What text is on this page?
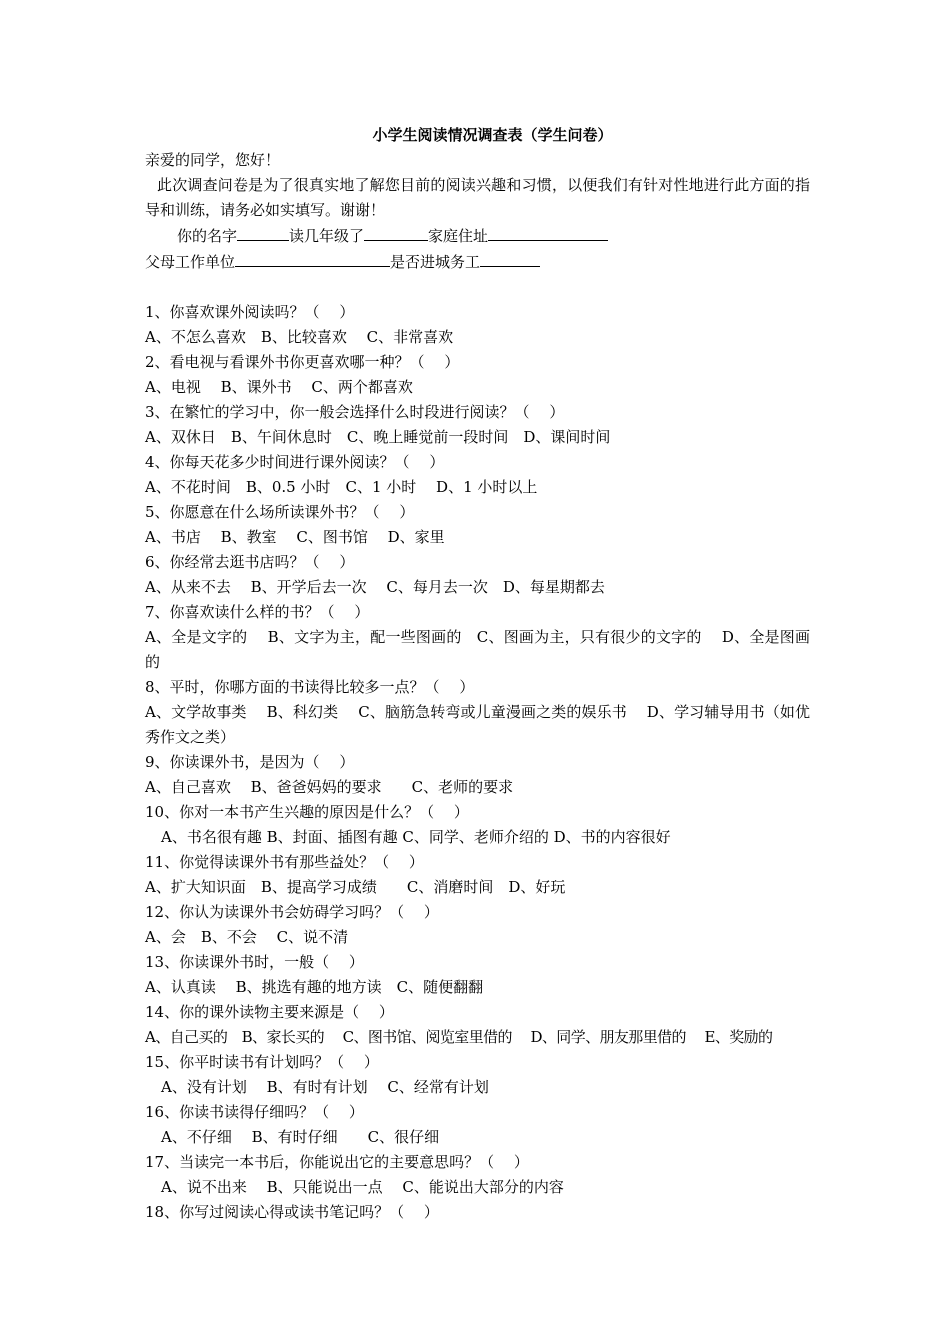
小学生阅读情况调查表（学生问卷）
亲爱的同学，您好！
此次调查问卷是为了很真实地了解您目前的阅读兴趣和习惯，以便我们有针对性地进行此方面的指导和训练，请务必如实填写。谢谢！
你的名字	读几年级了	家庭住址
父母工作单位	是否进城务工
1、你喜欢课外阅读吗？（　 ）
A、不怎么喜欢　B、比较喜欢　 C、非常喜欢
2、看电视与看课外书你更喜欢哪一种？（　 ）
A、电视　 B、课外书　 C、两个都喜欢
3、在繁忙的学习中，你一般会选择什么时段进行阅读？（　 ）
A、双休日　B、午间休息时　C、晚上睡觉前一段时间　D、课间时间
4、你每天花多少时间进行课外阅读？（　 ）
A、不花时间　B、0.5 小时　C、1 小时　 D、1 小时以上
5、你愿意在什么场所读课外书？（　 ）
A、书店　 B、教室　 C、图书馆　 D、家里
6、你经常去逛书店吗？（　 ）
A、从来不去　 B、开学后去一次　 C、每月去一次　D、每星期都去
7、你喜欢读什么样的书？（　 ）
A、全是文字的　 B、文字为主，配一些图画的　C、图画为主，只有很少的文字的　 D、全是图画的
8、平时，你哪方面的书读得比较多一点？（　 ）
A、文学故事类　 B、科幻类　 C、脑筋急转弯或儿童漫画之类的娱乐书　 D、学习辅导用书（如优秀作文之类）
9、你读课外书，是因为（　 ）
A、自己喜欢　 B、爸爸妈妈的要求　　C、老师的要求
10、你对一本书产生兴趣的原因是什么？（　 ）
A、书名很有趣 B、封面、插图有趣 C、同学、老师介绍的 D、书的内容很好
11、你觉得读课外书有那些益处？（　 ）
A、扩大知识面　B、提高学习成绩　　C、消磨时间　D、好玩
12、你认为读课外书会妨碍学习吗？（　 ）
A、会　B、不会　 C、说不清
13、你读课外书时，一般（　 ）
A、认真读　 B、挑选有趣的地方读　C、随便翻翻
14、你的课外读物主要来源是（　 ）
A、自己买的　B、家长买的　 C、图书馆、阅览室里借的　 D、同学、朋友那里借的　 E、奖励的
15、你平时读书有计划吗？（　 ）
A、没有计划　 B、有时有计划　 C、经常有计划
16、你读书读得仔细吗？（　 ）
A、不仔细　 B、有时仔细　　C、很仔细
17、当读完一本书后，你能说出它的主要意思吗？（　 ）
A、说不出来　 B、只能说出一点　 C、能说出大部分的内容
18、你写过阅读心得或读书笔记吗？（　 ）
